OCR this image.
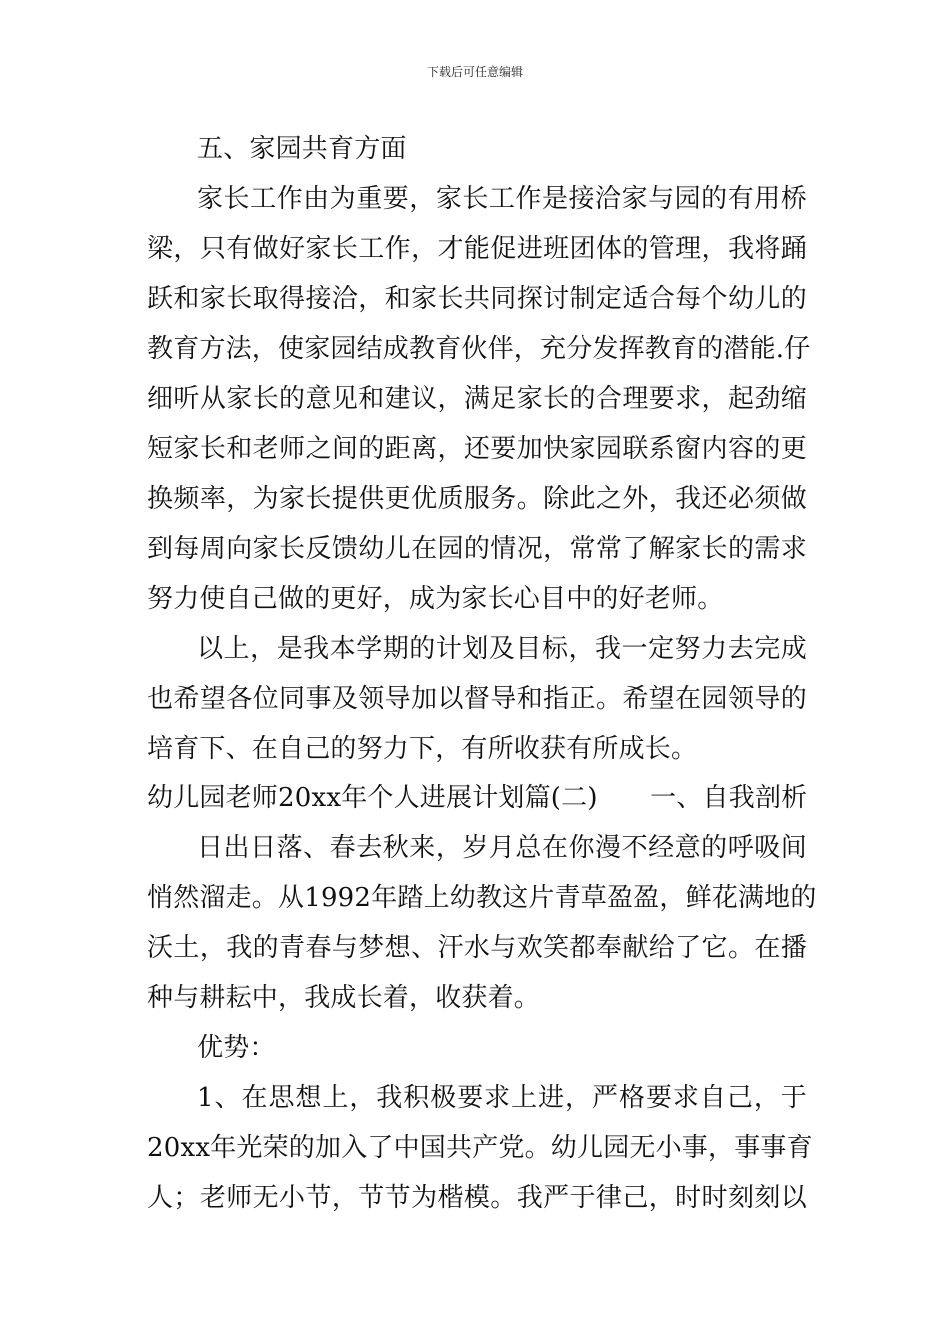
下载后可任意编辑
五、家园共育方面
家长工作由为重要，家长工作是接洽家与园的有用桥
梁，只有做好家长工作，才能促进班团体的管理，我将踊
跃和家长取得接洽，和家长共同探讨制定适合每个幼儿的
教育方法，使家园结成教育伙伴，充分发挥教育的潜能.仔
细听从家长的意见和建议，满足家长的合理要求，起劲缩
短家长和老师之间的距离，还要加快家园联系窗内容的更
换频率，为家长提供更优质服务。除此之外，我还必须做
到每周向家长反馈幼儿在园的情况，常常了解家长的需求
努力使自己做的更好，成为家长心目中的好老师。
以上，是我本学期的计划及目标，我一定努力去完成
也希望各位同事及领导加以督导和指正。希望在园领导的
培育下、在自己的努力下，有所收获有所成长。
幼儿园老师20xx年个人进展计划篇(二)　　一、自我剖析
日出日落、春去秋来，岁月总在你漫不经意的呼吸间
悄然溜走。从1992年踏上幼教这片青草盈盈，鲜花满地的
沃土，我的青春与梦想、汗水与欢笑都奉献给了它。在播
种与耕耘中，我成长着，收获着。
优势：
1、在思想上，我积极要求上进，严格要求自己，于
20xx年光荣的加入了中国共产党。幼儿园无小事，事事育
人；老师无小节，节节为楷模。我严于律己，时时刻刻以
